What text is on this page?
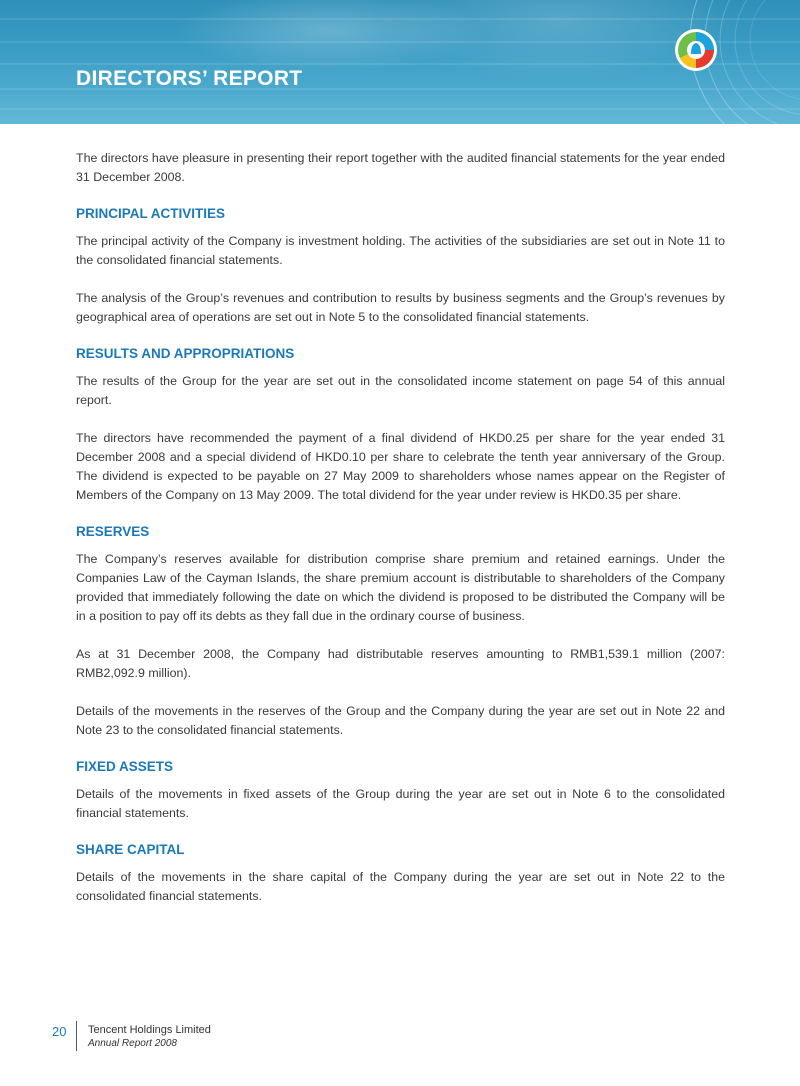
DIRECTORS’ REPORT

The directors have pleasure in presenting their report together with the audited financial statements for the year ended 31 December 2008.

PRINCIPAL ACTIVITIES

The principal activity of the Company is investment holding. The activities of the subsidiaries are set out in Note 11 to the consolidated financial statements.

The analysis of the Group’s revenues and contribution to results by business segments and the Group’s revenues by geographical area of operations are set out in Note 5 to the consolidated financial statements.

RESULTS AND APPROPRIATIONS

The results of the Group for the year are set out in the consolidated income statement on page 54 of this annual report.

The directors have recommended the payment of a final dividend of HKD0.25 per share for the year ended 31 December 2008 and a special dividend of HKD0.10 per share to celebrate the tenth year anniversary of the Group. The dividend is expected to be payable on 27 May 2009 to shareholders whose names appear on the Register of Members of the Company on 13 May 2009. The total dividend for the year under review is HKD0.35 per share.

RESERVES

The Company’s reserves available for distribution comprise share premium and retained earnings. Under the Companies Law of the Cayman Islands, the share premium account is distributable to shareholders of the Company provided that immediately following the date on which the dividend is proposed to be distributed the Company will be in a position to pay off its debts as they fall due in the ordinary course of business.

As at 31 December 2008, the Company had distributable reserves amounting to RMB1,539.1 million (2007: RMB2,092.9 million).

Details of the movements in the reserves of the Group and the Company during the year are set out in Note 22 and Note 23 to the consolidated financial statements.

FIXED ASSETS

Details of the movements in fixed assets of the Group during the year are set out in Note 6 to the consolidated financial statements.

SHARE CAPITAL

Details of the movements in the share capital of the Company during the year are set out in Note 22 to the consolidated financial statements.

20 Tencent Holdings Limited
Annual Report 2008
